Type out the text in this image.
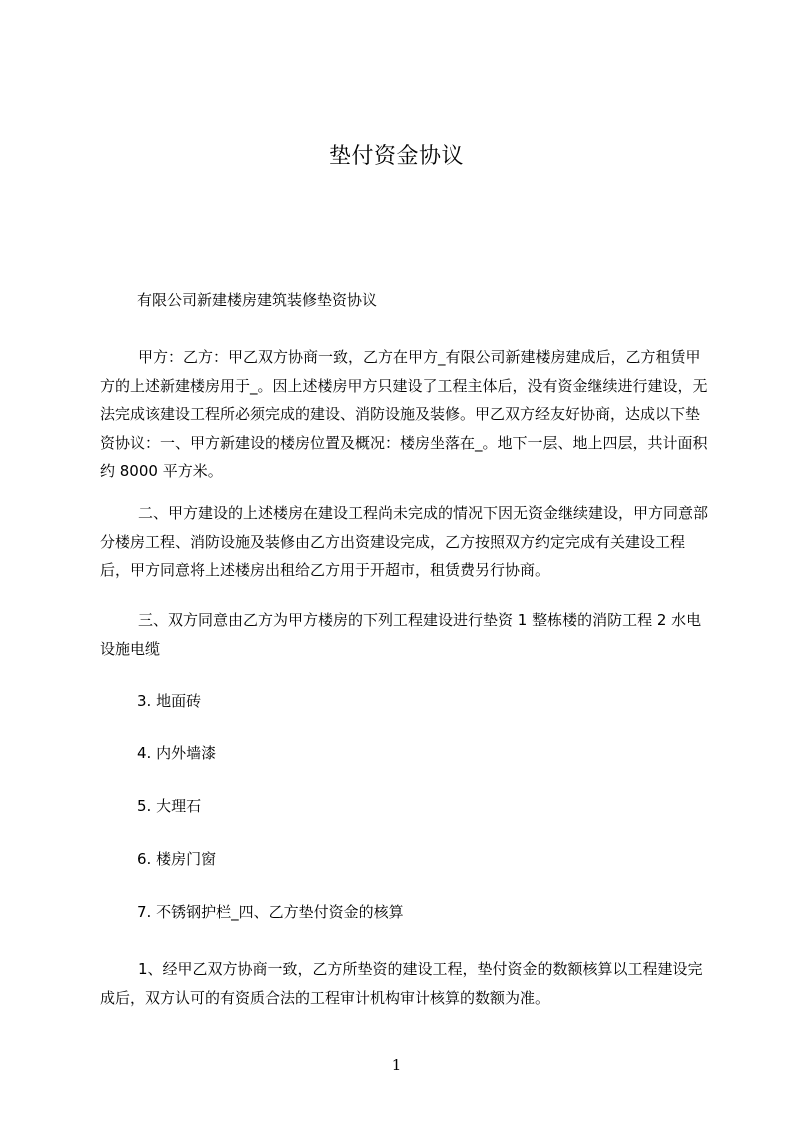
垫付资金协议
有限公司新建楼房建筑装修垫资协议

甲方：乙方：甲乙双方协商一致，乙方在甲方_有限公司新建楼房建成后，乙方租赁甲方的上述新建楼房用于_。因上述楼房甲方只建设了工程主体后，没有资金继续进行建设，无法完成该建设工程所必须完成的建设、消防设施及装修。甲乙双方经友好协商，达成以下垫资协议：一、甲方新建设的楼房位置及概况：楼房坐落在_。地下一层、地上四层，共计面积约 8000 平方米。

二、甲方建设的上述楼房在建设工程尚未完成的情况下因无资金继续建设，甲方同意部分楼房工程、消防设施及装修由乙方出资建设完成，乙方按照双方约定完成有关建设工程后，甲方同意将上述楼房出租给乙方用于开超市，租赁费另行协商。

三、双方同意由乙方为甲方楼房的下列工程建设进行垫资 1 整栋楼的消防工程 2 水电设施电缆

3. 地面砖
4. 内外墙漆
5. 大理石
6. 楼房门窗
7. 不锈钢护栏_四、乙方垫付资金的核算

1、经甲乙双方协商一致，乙方所垫资的建设工程，垫付资金的数额核算以工程建设完成后，双方认可的有资质合法的工程审计机构审计核算的数额为准。

1
